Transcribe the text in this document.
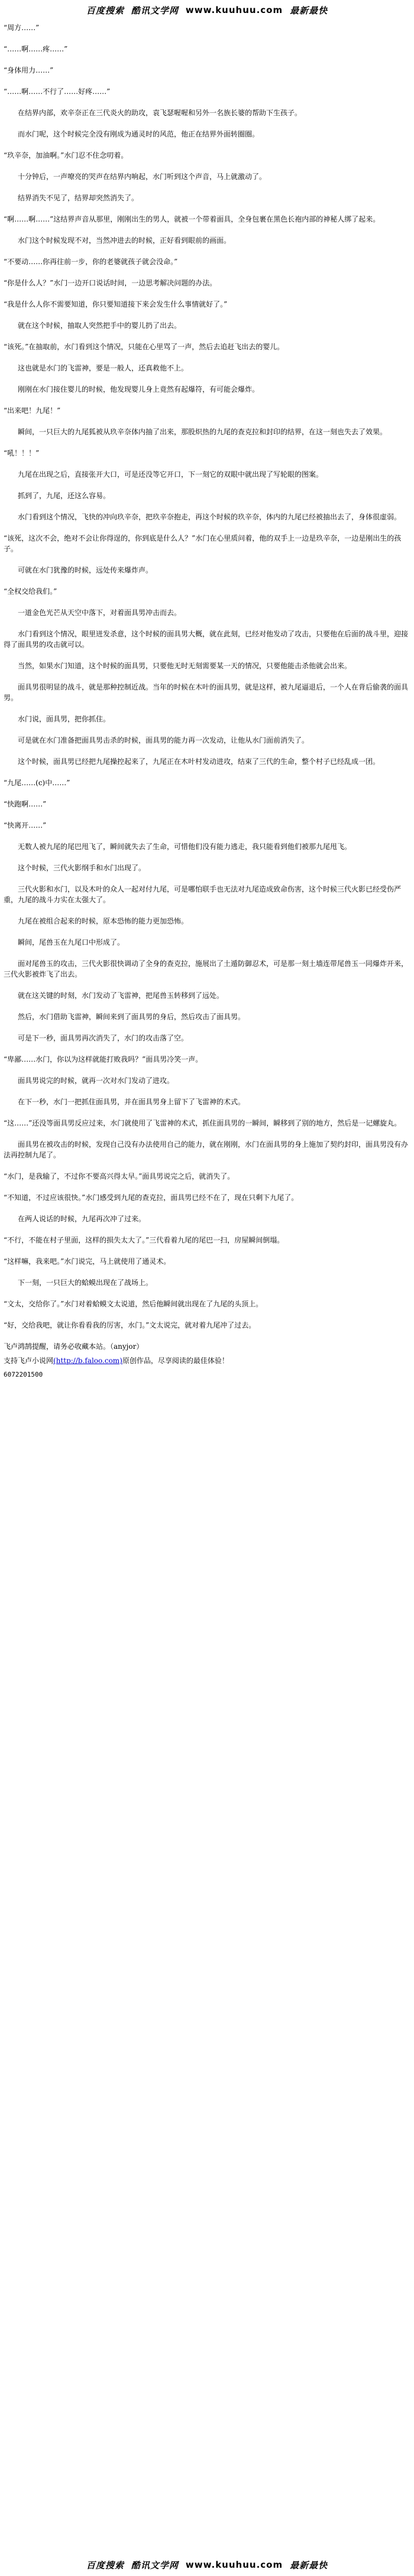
百度搜索 酷讯文学网 www.kuuhuu.com 最新最快

“周方……”

“……啊……疼……”

“身体用力……”

“……啊……不行了……好疼……”

在结界内部，欢辛奈正在三代炎火的助攻，袁飞瑟喔喔和另外一名族长婆的帮助下生孩子。

而水门呢，这个时候完全没有刚成为通灵时的风范，他正在结界外面转圈圈。

“玖辛奈，加油啊。”水门忍不住念叨着。

十分钟后，一声嘹亮的哭声在结界内响起，水门听到这个声音，马上就激动了。

结界消失不见了，结界却突然消失了。

“啊……啊……”这结界声音从那里，刚刚出生的男人，就被一个带着面具，全身包裹在黑色长袍内部的神秘人绑了起来。

水门这个时候发现不对，当然冲进去的时候，正好看到眼前的画面。

“不要动……你再往前一步，你的老婆就孩子就会没命。”

“你是什么人？”水门一边开口说话时间，一边思考解决问题的办法。

“我是什么人你不需要知道，你只要知道接下来会发生什么事情就好了。”

就在这个时候，抽取人突然把手中的婴儿扔了出去。

“该死。”在抽取前，水门看到这个情况，只能在心里骂了一声，然后去追赶飞出去的婴儿。

这也就是水门的飞雷神，要是一般人，还真救他不上。

刚刚在水门接住婴儿的时候，他发现婴儿身上竟然有起爆符，有可能会爆炸。

“出来吧！九尾！”

瞬间，一只巨大的九尾狐被从玖辛奈体内抽了出来，那股炽热的九尾的查克拉和封印的结界，在这一刻也失去了效果。

“吼！！！”

九尾在出现之后，直接张开大口，可是还没等它开口，下一刻它的双眼中就出现了写轮眼的图案。

抓到了，九尾，还这么容易。

水门看到这个情况，飞快的冲向玖辛奈，把玖辛奈抱走，再这个时候的玖辛奈，体内的九尾已经被抽出去了，身体很虚弱。

“该死，这次不会，绝对不会让你得逞的，你到底是什么人？”水门在心里质问着，他的双手上一边是玖辛奈，一边是刚出生的孩子。

可就在水门犹豫的时候，远处传来爆炸声。

“全权交给我们。”

一道金色光芒从天空中落下，对着面具男冲击而去。

水门看到这个情况，眼里迸发杀意，这个时候的面具男大概，就在此刻，已经对他发动了攻击，只要他在后面的战斗里，迎接得了面具男的攻击就可以。

当然，如果水门知道，这个时候的面具男，只要他无时无刻需要某一天的情况，只要他能击杀他就会出来。

面具男很明显的战斗，就是那种控制近战。当年的时候在木叶的面具男，就是这样，被九尾逼退后，一个人在背后偷袭的面具男。

水门说，面具男，把你抓住。

可是就在水门准备把面具男击杀的时候，面具男的能力再一次发动，让他从水门面前消失了。

这个时候，面具男已经把九尾操控起来了，九尾正在木叶村发动进攻，结束了三代的生命，整个村子已经乱成一团。

“九尾……(c)中……”

“快跑啊……”

“快离开……”

无数人被九尾的尾巴甩飞了，瞬间就失去了生命，可惜他们没有能力逃走，我只能看到他们被那九尾甩飞。

这个时候，三代火影纲手和水门出现了。

三代火影和水门，以及木叶的众人一起对付九尾，可是哪怕联手也无法对九尾造成致命伤害，这个时候三代火影已经受伤严重，九尾的战斗力实在太强大了。

九尾在被组合起来的时候，原本恐怖的能力更加恐怖。

瞬间，尾兽玉在九尾口中形成了。

面对尾兽玉的攻击，三代火影很快调动了全身的查克拉，施展出了土遁防御忍术，可是那一刻土墙连带尾兽玉一同爆炸开来，三代火影被炸飞了出去。

就在这关键的时刻，水门发动了飞雷神，把尾兽玉转移到了远处。

然后，水门借助飞雷神，瞬间来到了面具男的身后，然后攻击了面具男。

可是下一秒，面具男再次消失了，水门的攻击落了空。

“卑鄙……水门，你以为这样就能打败我吗？”面具男冷笑一声。

面具男说完的时候，就再一次对水门发动了进攻。

在下一秒，水门一把抓住面具男，并在面具男身上留下了飞雷神的术式。

“这……”还没等面具男反应过来，水门就使用了飞雷神的术式，抓住面具男的一瞬间，瞬移到了别的地方，然后是一记螺旋丸。

面具男在被攻击的时候，发现自己没有办法使用自己的能力，就在刚刚，水门在面具男的身上施加了契约封印，面具男没有办法再控制九尾了。

“水门，是我输了，不过你不要高兴得太早。”面具男说完之后，就消失了。

“不知道，不过应该很快。”水门感受到九尾的查克拉，面具男已经不在了，现在只剩下九尾了。

在两人说话的时候，九尾再次冲了过来。

“不行，不能在村子里面，这样的损失太大了。”三代看着九尾的尾巴一扫，房屋瞬间倒塌。

“这样嘛，我来吧。”水门说完，马上就使用了通灵术。

下一刻，一只巨大的蛤蟆出现在了战场上。

“文太，交给你了。”水门对着蛤蟆文太说道，然后他瞬间就出现在了九尾的头顶上。

“好，交给我吧，就让你看看我的厉害，水门。”文太说完，就对着九尾冲了过去。

飞卢鸿鹄提醒，请务必收藏本站。（anyjor）

支持飞卢小说网(http://b.faloo.com)原创作品，尽享阅读的最佳体验！

6072201500

百度搜索 酷讯文学网 www.kuuhuu.com 最新最快
